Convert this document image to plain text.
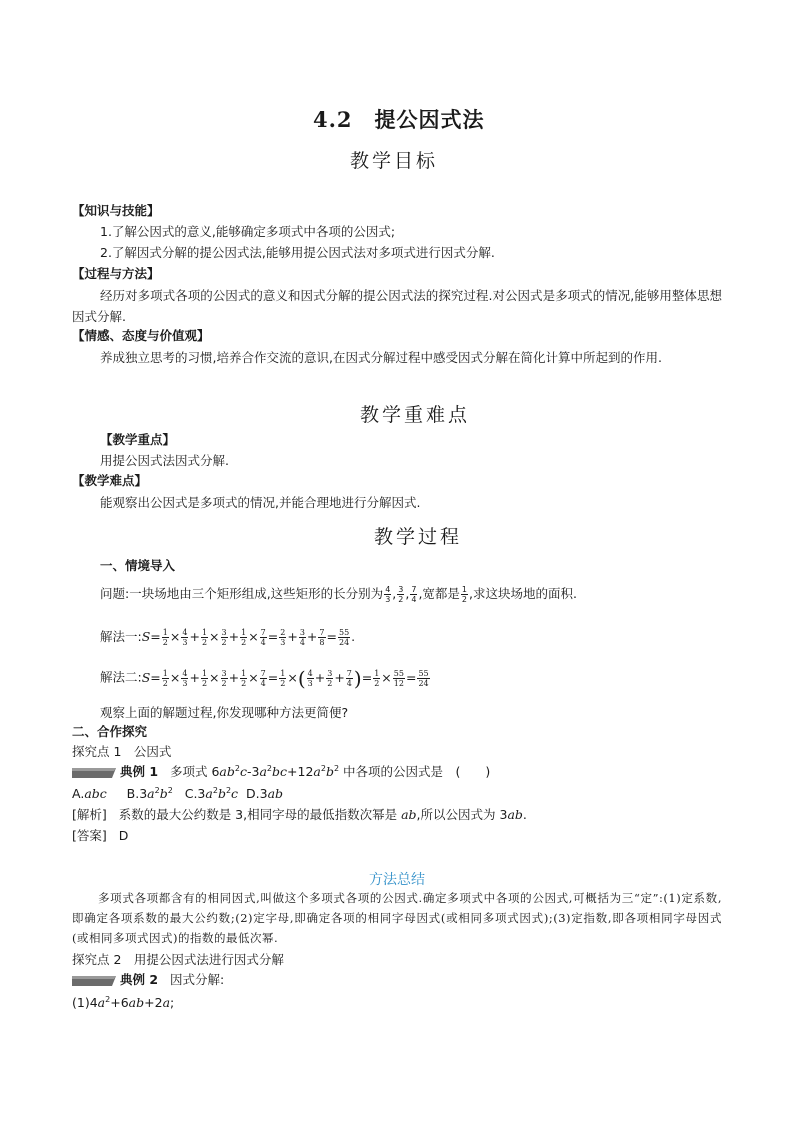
4.2　提公因式法
教学目标
【知识与技能】
1.了解公因式的意义,能够确定多项式中各项的公因式;
2.了解因式分解的提公因式法,能够用提公因式法对多项式进行因式分解.
【过程与方法】
经历对多项式各项的公因式的意义和因式分解的提公因式法的探究过程.对公因式是多项式的情况,能够用整体思想因式分解.
【情感、态度与价值观】
养成独立思考的习惯,培养合作交流的意识,在因式分解过程中感受因式分解在简化计算中所起到的作用.
教学重难点
【教学重点】
用提公因式法因式分解.
【教学难点】
能观察出公因式是多项式的情况,并能合理地进行分解因式.
教学过程
一、情境导入
问题:一块场地由三个矩形组成,这些矩形的长分别为 $\frac{4}{3}$ , $\frac{3}{2}$ , $\frac{7}{4}$ ,宽都是 $\frac{1}{2}$ ,求这块场地的面积.
解法一:S= $\frac{1}{2} \times \frac{4}{3} + \frac{1}{2} \times \frac{3}{2} + \frac{1}{2} \times \frac{7}{4} = \frac{2}{3} + \frac{3}{4} + \frac{7}{8} = \frac{55}{24}$ .
解法二:S= $\frac{1}{2} \times \frac{4}{3} + \frac{1}{2} \times \frac{3}{2} + \frac{1}{2} \times \frac{7}{4} = \frac{1}{2}$ ×( $\frac{4}{3} + \frac{3}{2} + \frac{7}{4}$ )= $\frac{1}{2} \times \frac{55}{12} = \frac{55}{24}$
观察上面的解题过程,你发现哪种方法更简便?
二、合作探究
探究点 1　公因式
典例 1 多项式 $6ab^2c-3a^2bc+12a^2b^2$ 中各项的公因式是　(　　)
A.abc     $B.3a^2b^2$   $C.3a^2b^2c$  D.3ab
[解析] 系数的最大公约数是 3,相同字母的最低指数次幂是 ab,所以公因式为 3ab.
[答案] D
方法总结
多项式各项都含有的相同因式,叫做这个多项式各项的公因式.确定多项式中各项的公因式,可概括为三“定”:(1)定系数,即确定各项系数的最大公约数;(2)定字母,即确定各项的相同字母因式(或相同多项式因式);(3)定指数,即各项相同字母因式(或相同多项式因式)的指数的最低次幂.
探究点 2　用提公因式法进行因式分解
典例 2 因式分解:
$(1)4a^2+6ab+2a$;
